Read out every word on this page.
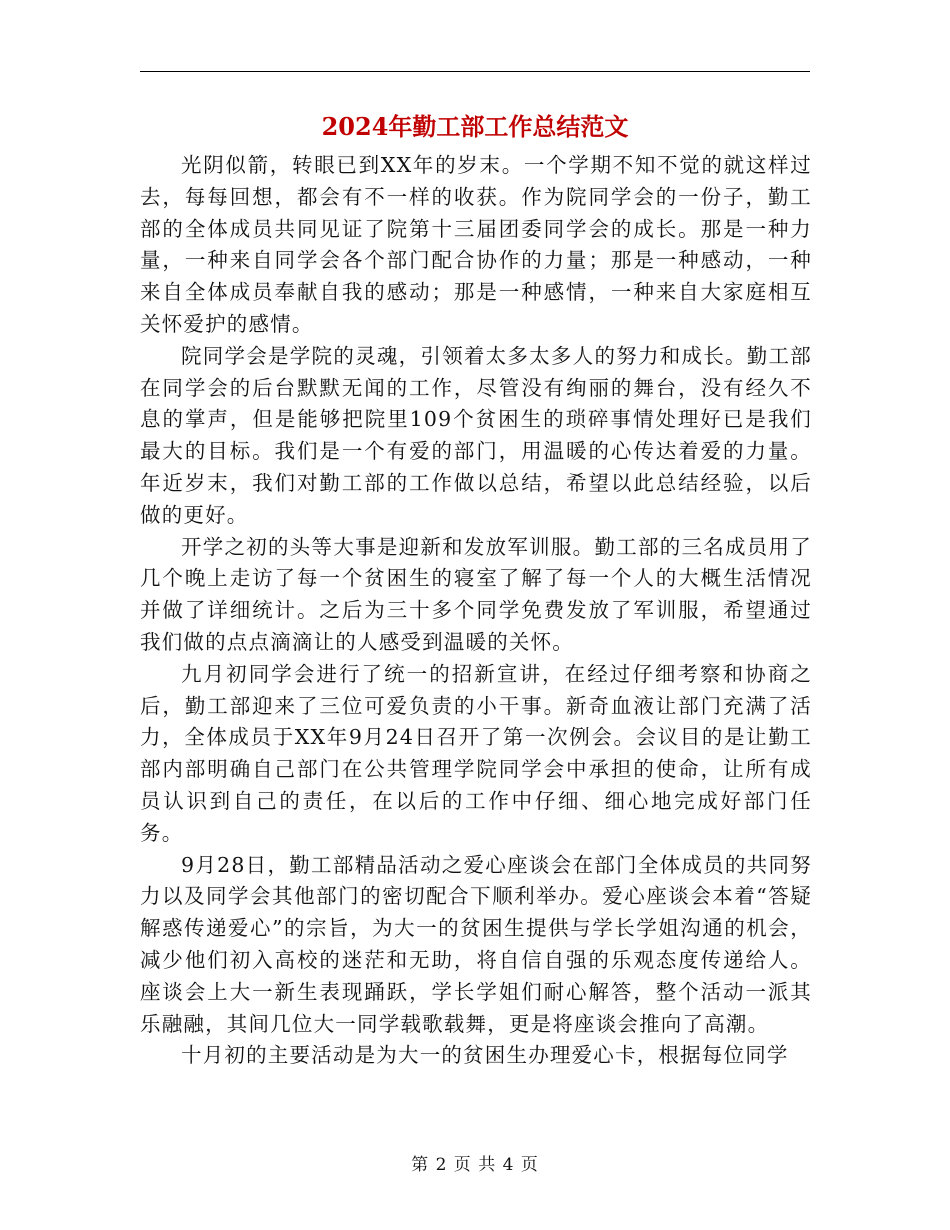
2024年勤工部工作总结范文

光阴似箭，转眼已到XX年的岁末。一个学期不知不觉的就这样过去，每每回想，都会有不一样的收获。作为院同学会的一份子，勤工部的全体成员共同见证了院第十三届团委同学会的成长。那是一种力量，一种来自同学会各个部门配合协作的力量；那是一种感动，一种来自全体成员奉献自我的感动；那是一种感情，一种来自大家庭相互关怀爱护的感情。

院同学会是学院的灵魂，引领着太多太多人的努力和成长。勤工部在同学会的后台默默无闻的工作，尽管没有绚丽的舞台，没有经久不息的掌声，但是能够把院里109个贫困生的琐碎事情处理好已是我们最大的目标。我们是一个有爱的部门，用温暖的心传达着爱的力量。年近岁末，我们对勤工部的工作做以总结，希望以此总结经验，以后做的更好。

开学之初的头等大事是迎新和发放军训服。勤工部的三名成员用了几个晚上走访了每一个贫困生的寝室了解了每一个人的大概生活情况并做了详细统计。之后为三十多个同学免费发放了军训服，希望通过我们做的点点滴滴让的人感受到温暖的关怀。

九月初同学会进行了统一的招新宣讲，在经过仔细考察和协商之后，勤工部迎来了三位可爱负责的小干事。新奇血液让部门充满了活力，全体成员于XX年9月24日召开了第一次例会。会议目的是让勤工部内部明确自己部门在公共管理学院同学会中承担的使命，让所有成员认识到自己的责任，在以后的工作中仔细、细心地完成好部门任务。

9月28日，勤工部精品活动之爱心座谈会在部门全体成员的共同努力以及同学会其他部门的密切配合下顺利举办。爱心座谈会本着“答疑解惑传递爱心”的宗旨，为大一的贫困生提供与学长学姐沟通的机会，减少他们初入高校的迷茫和无助，将自信自强的乐观态度传递给人。座谈会上大一新生表现踊跃，学长学姐们耐心解答，整个活动一派其乐融融，其间几位大一同学载歌载舞，更是将座谈会推向了高潮。

十月初的主要活动是为大一的贫困生办理爱心卡，根据每位同学

第 2 页 共 4 页
